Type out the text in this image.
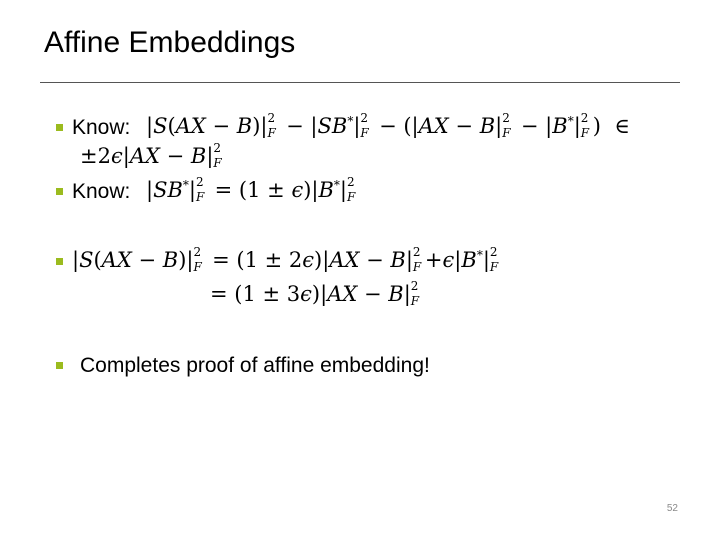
Affine Embeddings
Know: |S(AX − B)| 2
F − |SB*| 2
F − (|AX − B| 2
F − |B*| 2
F )  ∈
±2ϵ|AX − B| 2
F
Know: |SB*| 2
F = (1 ± ϵ)|B*| 2
F
|S(AX − B)| 2
F = (1 ± 2ϵ)|AX − B| 2
F +ϵ|B*| 2
F
= (1 ± 3ϵ)|AX − B| 2
F
Completes proof of affine embedding!
52
